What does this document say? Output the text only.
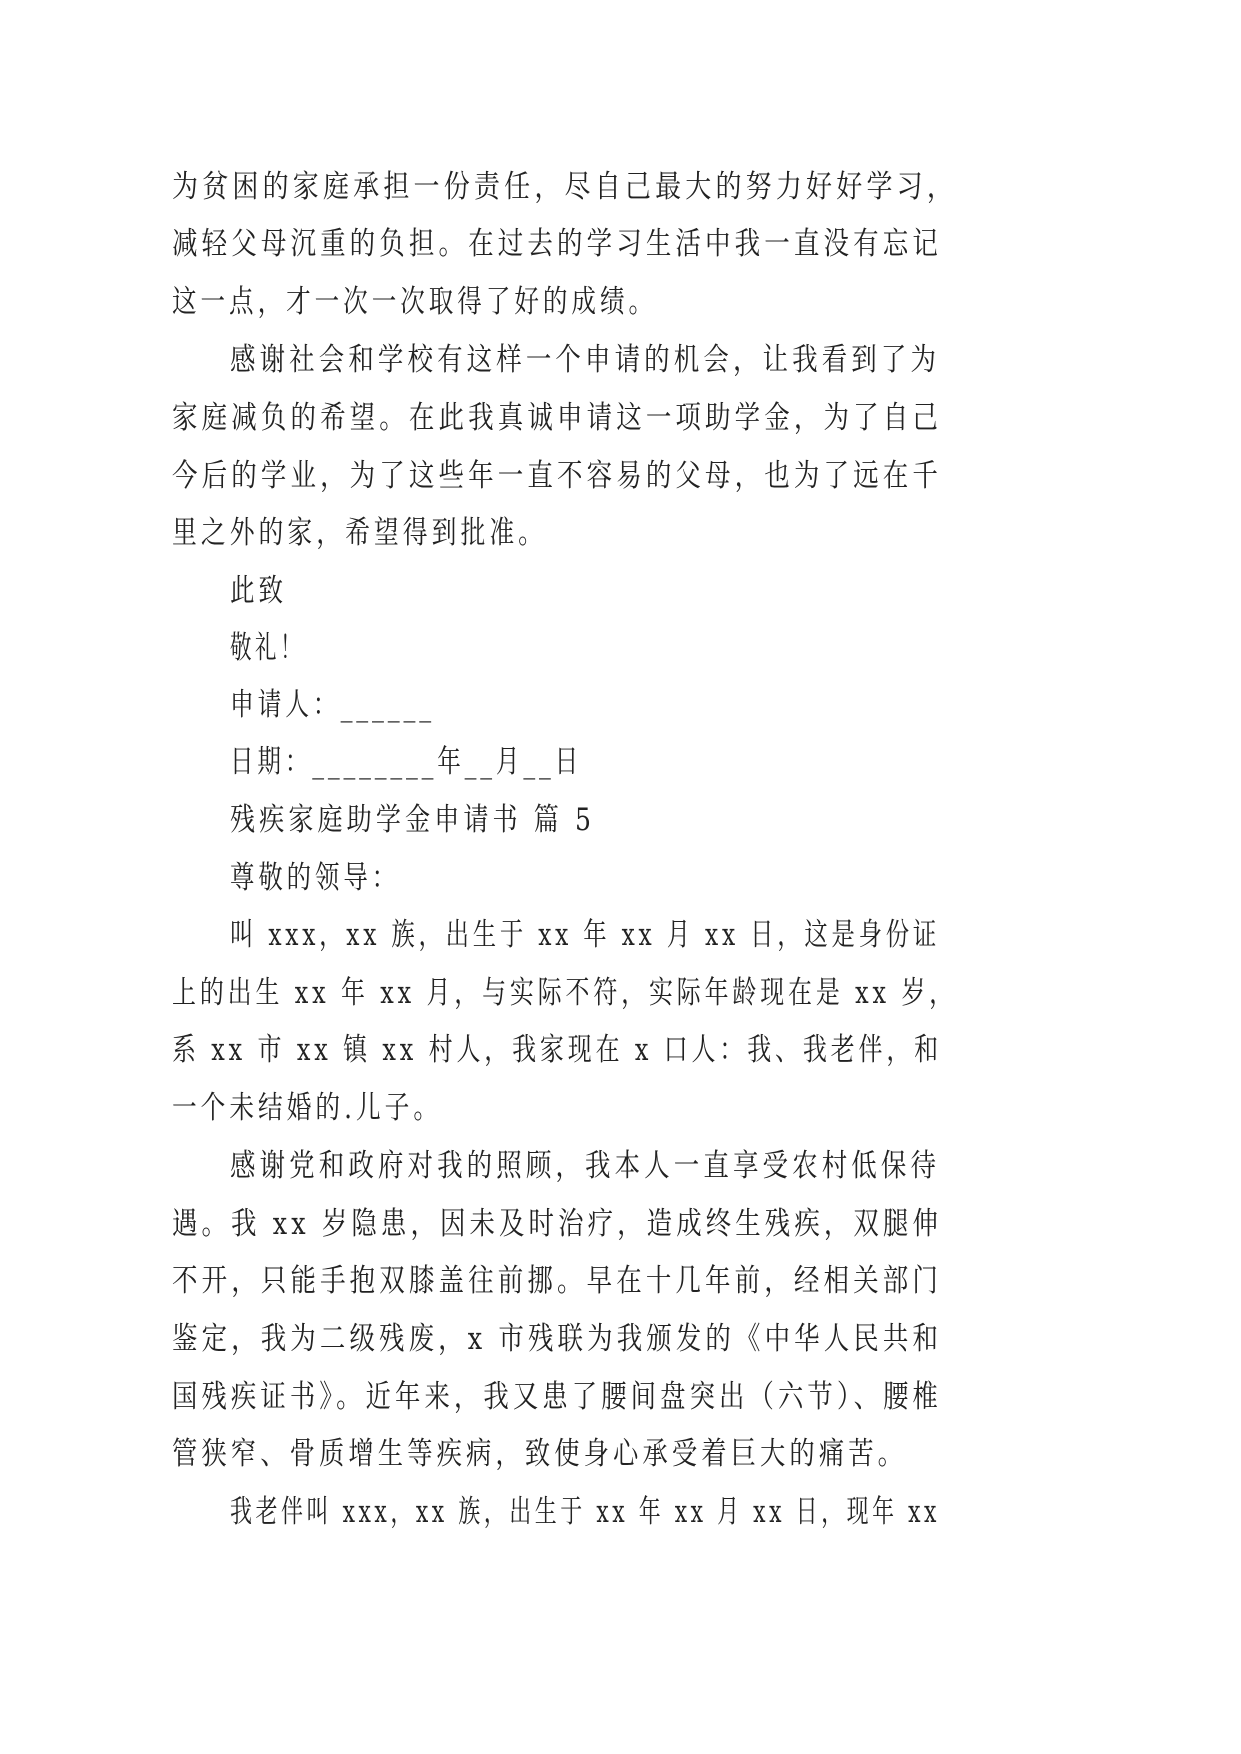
为贫困的家庭承担一份责任，尽自己最大的努力好好学习，
减轻父母沉重的负担。在过去的学习生活中我一直没有忘记
这一点，才一次一次取得了好的成绩。
感谢社会和学校有这样一个申请的机会，让我看到了为
家庭减负的希望。在此我真诚申请这一项助学金，为了自己
今后的学业，为了这些年一直不容易的父母，也为了远在千
里之外的家，希望得到批准。
此致
敬礼！
申请人：______
日期：________年__月__日
残疾家庭助学金申请书 篇 5
尊敬的领导：
叫 xxx，xx 族，出生于 xx 年 xx 月 xx 日，这是身份证
上的出生 xx 年 xx 月，与实际不符，实际年龄现在是 xx 岁，
系 xx 市 xx 镇 xx 村人，我家现在 x 口人：我、我老伴，和
一个未结婚的.儿子。
感谢党和政府对我的照顾，我本人一直享受农村低保待
遇。我 xx 岁隐患，因未及时治疗，造成终生残疾，双腿伸
不开，只能手抱双膝盖往前挪。早在十几年前，经相关部门
鉴定，我为二级残废，x 市残联为我颁发的《中华人民共和
国残疾证书》。近年来，我又患了腰间盘突出（六节）、腰椎
管狭窄、骨质增生等疾病，致使身心承受着巨大的痛苦。
我老伴叫 xxx，xx 族，出生于 xx 年 xx 月 xx 日，现年 xx
